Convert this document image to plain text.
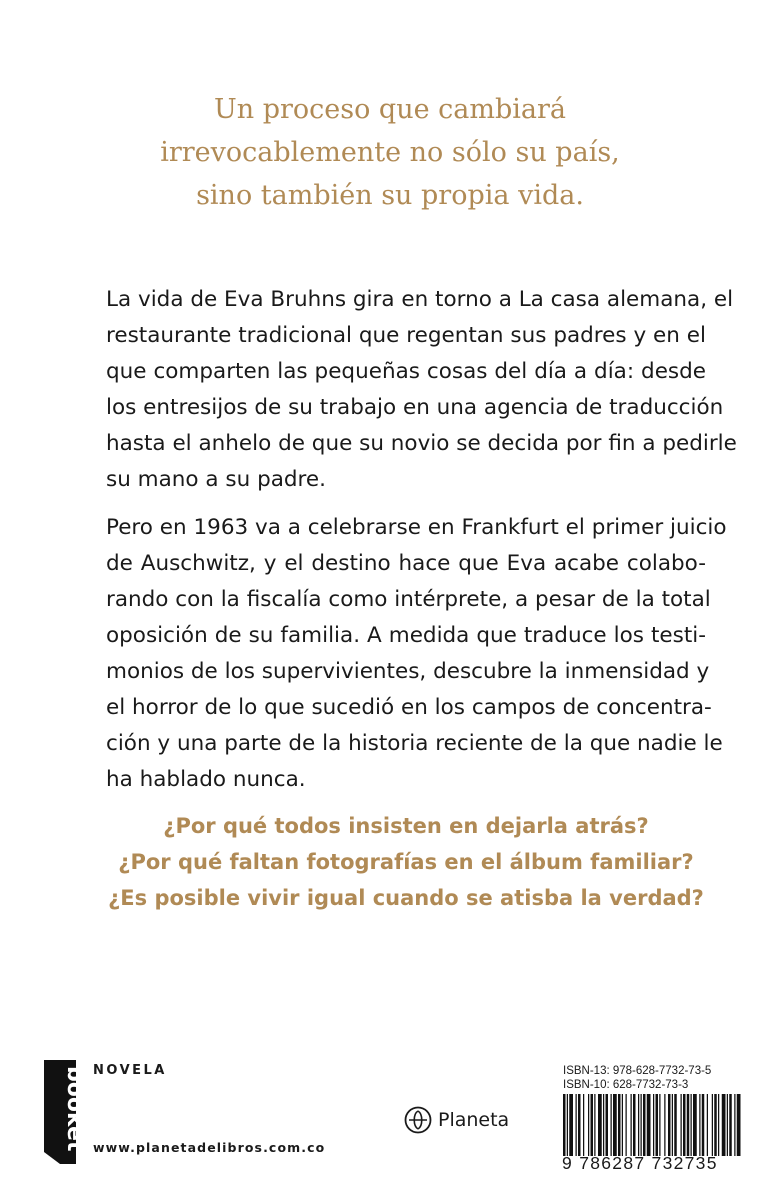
Un proceso que cambiará
irrevocablemente no sólo su país,
sino también su propia vida.
La vida de Eva Bruhns gira en torno a La casa alemana, el
restaurante tradicional que regentan sus padres y en el
que comparten las pequeñas cosas del día a día: desde
los entresijos de su trabajo en una agencia de traducción
hasta el anhelo de que su novio se decida por fin a pedirle
su mano a su padre.
Pero en 1963 va a celebrarse en Frankfurt el primer juicio
de Auschwitz, y el destino hace que Eva acabe colabo-
rando con la fiscalía como intérprete, a pesar de la total
oposición de su familia. A medida que traduce los testi-
monios de los supervivientes, descubre la inmensidad y
el horror de lo que sucedió en los campos de concentra-
ción y una parte de la historia reciente de la que nadie le
ha hablado nunca.
¿Por qué todos insisten en dejarla atrás?
¿Por qué faltan fotografías en el álbum familiar?
¿Es posible vivir igual cuando se atisba la verdad?
booket NOVELA
www.planetadelibros.com.co
Planeta
ISBN-13: 978-628-7732-73-5
ISBN-10: 628-7732-73-3
9 786287 732735
